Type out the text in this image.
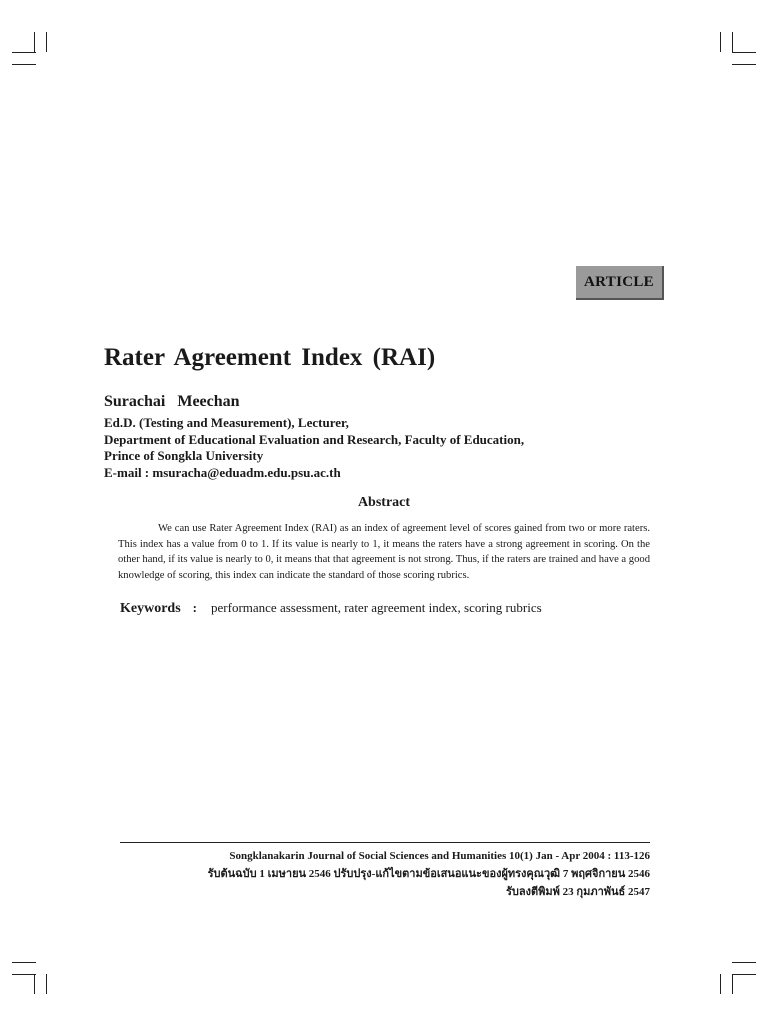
ARTICLE
Rater Agreement Index (RAI)
Surachai Meechan
Ed.D. (Testing and Measurement), Lecturer,
Department of Educational Evaluation and Research, Faculty of Education,
Prince of Songkla University
E-mail : msuracha@eduadm.edu.psu.ac.th
Abstract

We can use Rater Agreement Index (RAI) as an index of agreement level of scores gained from two or more raters. This index has a value from 0 to 1. If its value is nearly to 1, it means the raters have a strong agreement in scoring. On the other hand, if its value is nearly to 0, it means that that agreement is not strong. Thus, if the raters are trained and have a good knowledge of scoring, this index can indicate the standard of those scoring rubrics.

Keywords : performance assessment, rater agreement index, scoring rubrics
Songklanakarin Journal of Social Sciences and Humanities 10(1) Jan - Apr 2004 : 113-126
รับต้นฉบับ 1 เมษายน 2546 ปรับปรุง-แก้ไขตามข้อเสนอแนะของผู้ทรงคุณวุฒิ 7 พฤศจิกายน 2546
รับลงตีพิมพ์ 23 กุมภาพันธ์ 2547
